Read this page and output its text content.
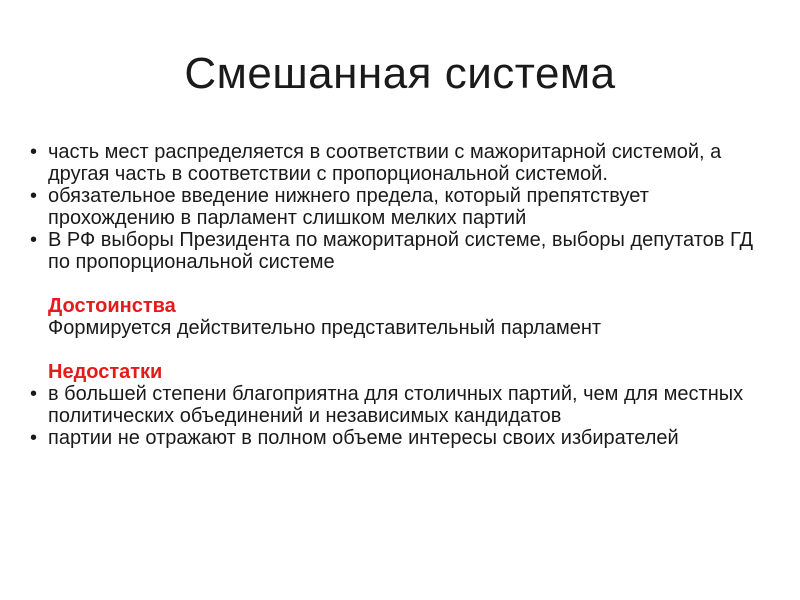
Смешанная система
• часть мест распределяется в соответствии с мажоритарной системой, а другая часть в соответствии с пропорциональной системой.
• обязательное введение нижнего предела, который препятствует прохождению в парламент слишком мелких партий
• В РФ выборы Президента по мажоритарной системе, выборы депутатов ГД по пропорциональной системе
Достоинства
Формируется действительно представительный парламент
Недостатки
• в большей степени благоприятна для столичных партий, чем для местных политических объединений и независимых кандидатов
• партии не отражают в полном объеме интересы своих избирателей
